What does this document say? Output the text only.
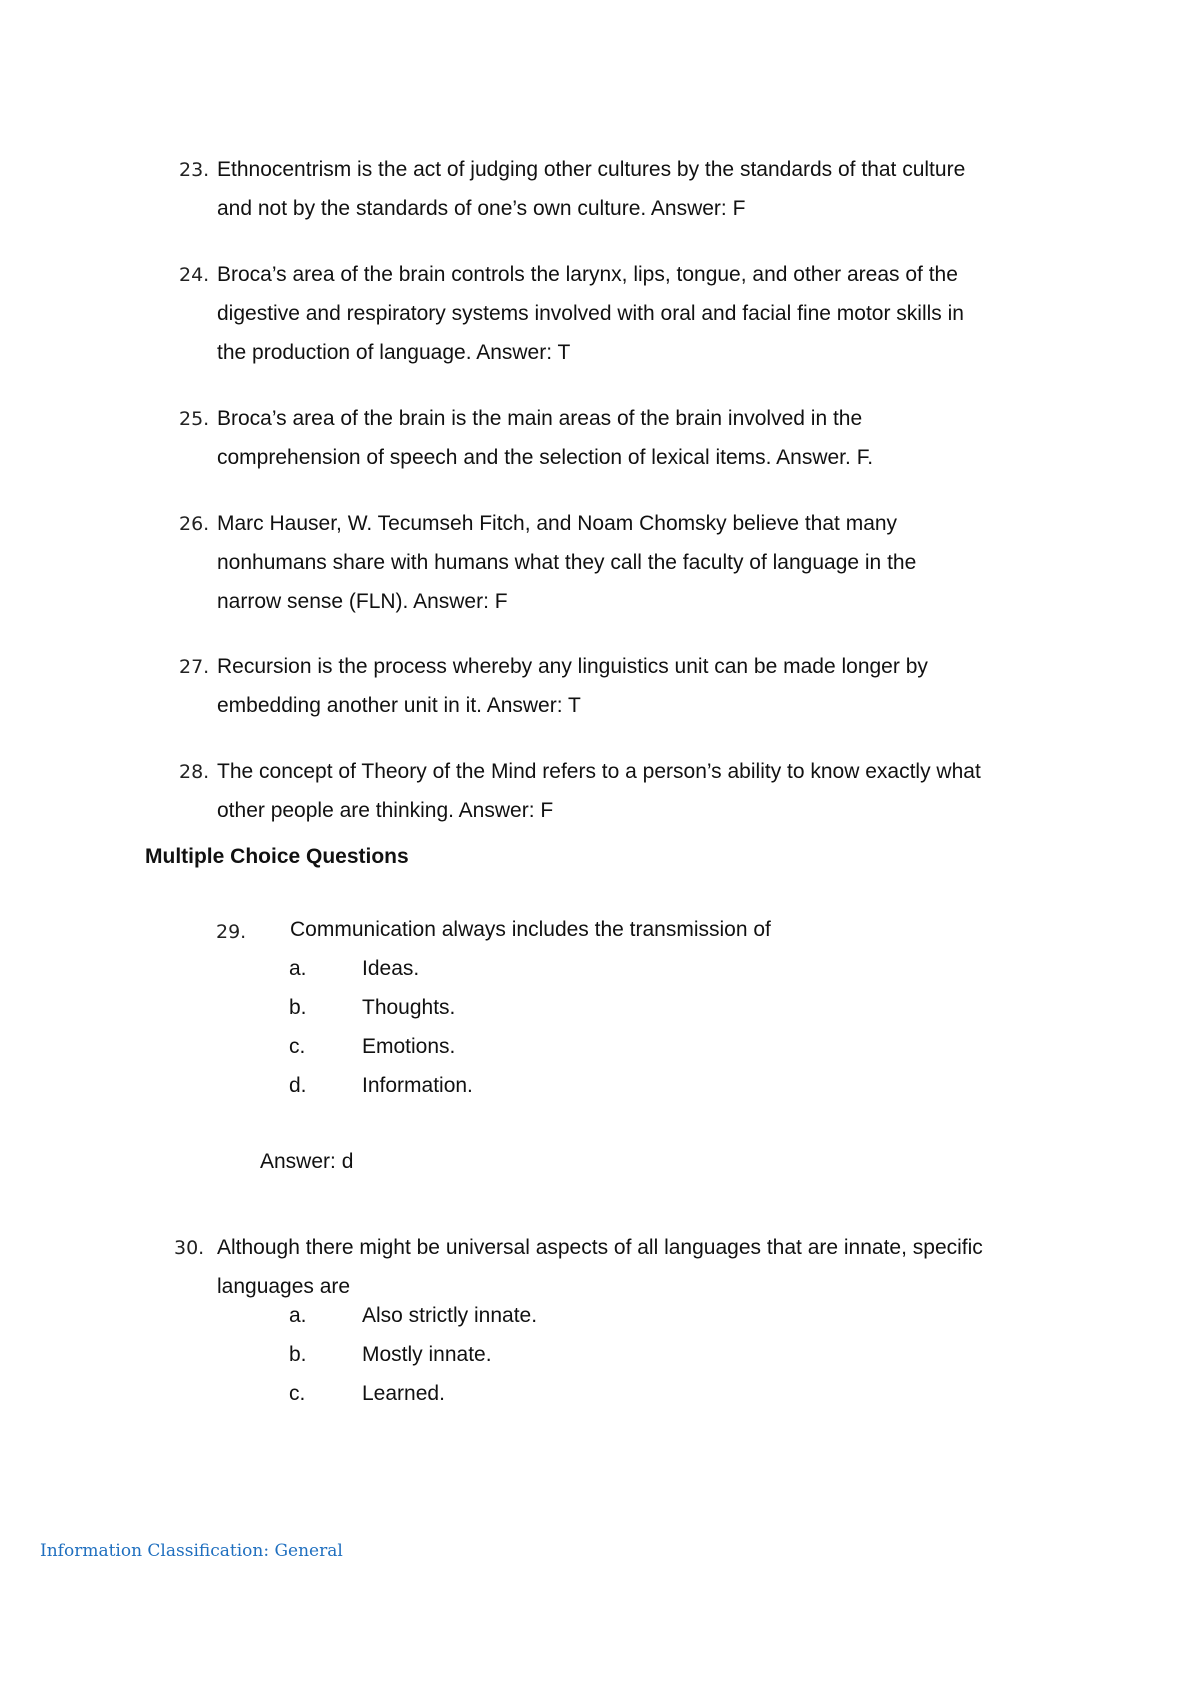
23. Ethnocentrism is the act of judging other cultures by the standards of that culture
and not by the standards of one’s own culture. Answer: F
24. Broca’s area of the brain controls the larynx, lips, tongue, and other areas of the
digestive and respiratory systems involved with oral and facial fine motor skills in
the production of language. Answer: T
25. Broca’s area of the brain is the main areas of the brain involved in the
comprehension of speech and the selection of lexical items. Answer. F.
26. Marc Hauser, W. Tecumseh Fitch, and Noam Chomsky believe that many
nonhumans share with humans what they call the faculty of language in the
narrow sense (FLN). Answer: F
27. Recursion is the process whereby any linguistics unit can be made longer by
embedding another unit in it. Answer: T
28. The concept of Theory of the Mind refers to a person’s ability to know exactly what
other people are thinking. Answer: F
Multiple Choice Questions
29. Communication always includes the transmission of
a.	Ideas.
b.	Thoughts.
c.	Emotions.
d.	Information.
Answer: d
30. Although there might be universal aspects of all languages that are innate, specific
languages are
a.	Also strictly innate.
b.	Mostly innate.
c.	Learned.
Information Classification: General
